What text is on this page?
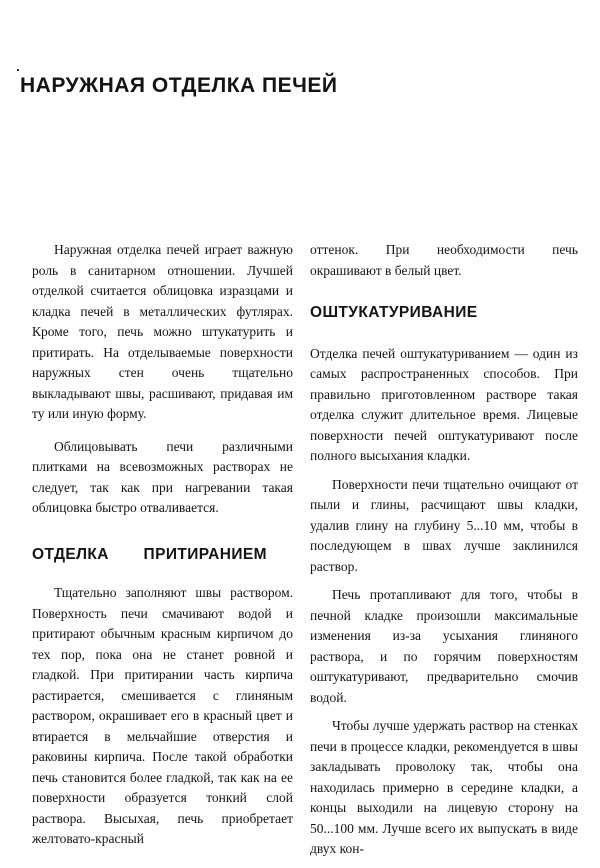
НАРУЖНАЯ ОТДЕЛКА ПЕЧЕЙ

Наружная отделка печей играет важную роль в санитарном отношении. Лучшей отделкой считается облицовка изразцами и кладка печей в металлических футлярах. Кроме того, печь можно штукатурить и притирать. На отделываемые поверхности наружных стен очень тщательно выкладывают швы, расшивают, придавая им ту или иную форму.

Облицовывать печи различными плитками на всевозможных растворах не следует, так как при нагревании такая облицовка быстро отваливается.

ОТДЕЛКА ПРИТИРАНИЕМ

Тщательно заполняют швы раствором. Поверхность печи смачивают водой и притирают обычным красным кирпичом до тех пор, пока она не станет ровной и гладкой. При притирании часть кирпича растирается, смешивается с глиняным раствором, окрашивает его в красный цвет и втирается в мельчайшие отверстия и раковины кирпича. После такой обработки печь становится более гладкой, так как на ее поверхности образуется тонкий слой раствора. Высыхая, печь приобретает желтовато-красный

оттенок. При необходимости печь окрашивают в белый цвет.

ОШТУКАТУРИВАНИЕ

Отделка печей оштукатуриванием — один из самых распространенных способов. При правильно приготовленном растворе такая отделка служит длительное время. Лицевые поверхности печей оштукатуривают после полного высыхания кладки.

Поверхности печи тщательно очищают от пыли и глины, расчищают швы кладки, удалив глину на глубину 5...10 мм, чтобы в последующем в швах лучше заклинился раствор.

Печь протапливают для того, чтобы в печной кладке произошли максимальные изменения из-за усыхания глиняного раствора, и по горячим поверхностям оштукатуривают, предварительно смочив водой.

Чтобы лучше удержать раствор на стенках печи в процессе кладки, рекомендуется в швы закладывать проволоку так, чтобы она находилась примерно в середине кладки, а концы выходили на лицевую сторону на 50...100 мм. Лучше всего их выпускать в виде двух кон-
